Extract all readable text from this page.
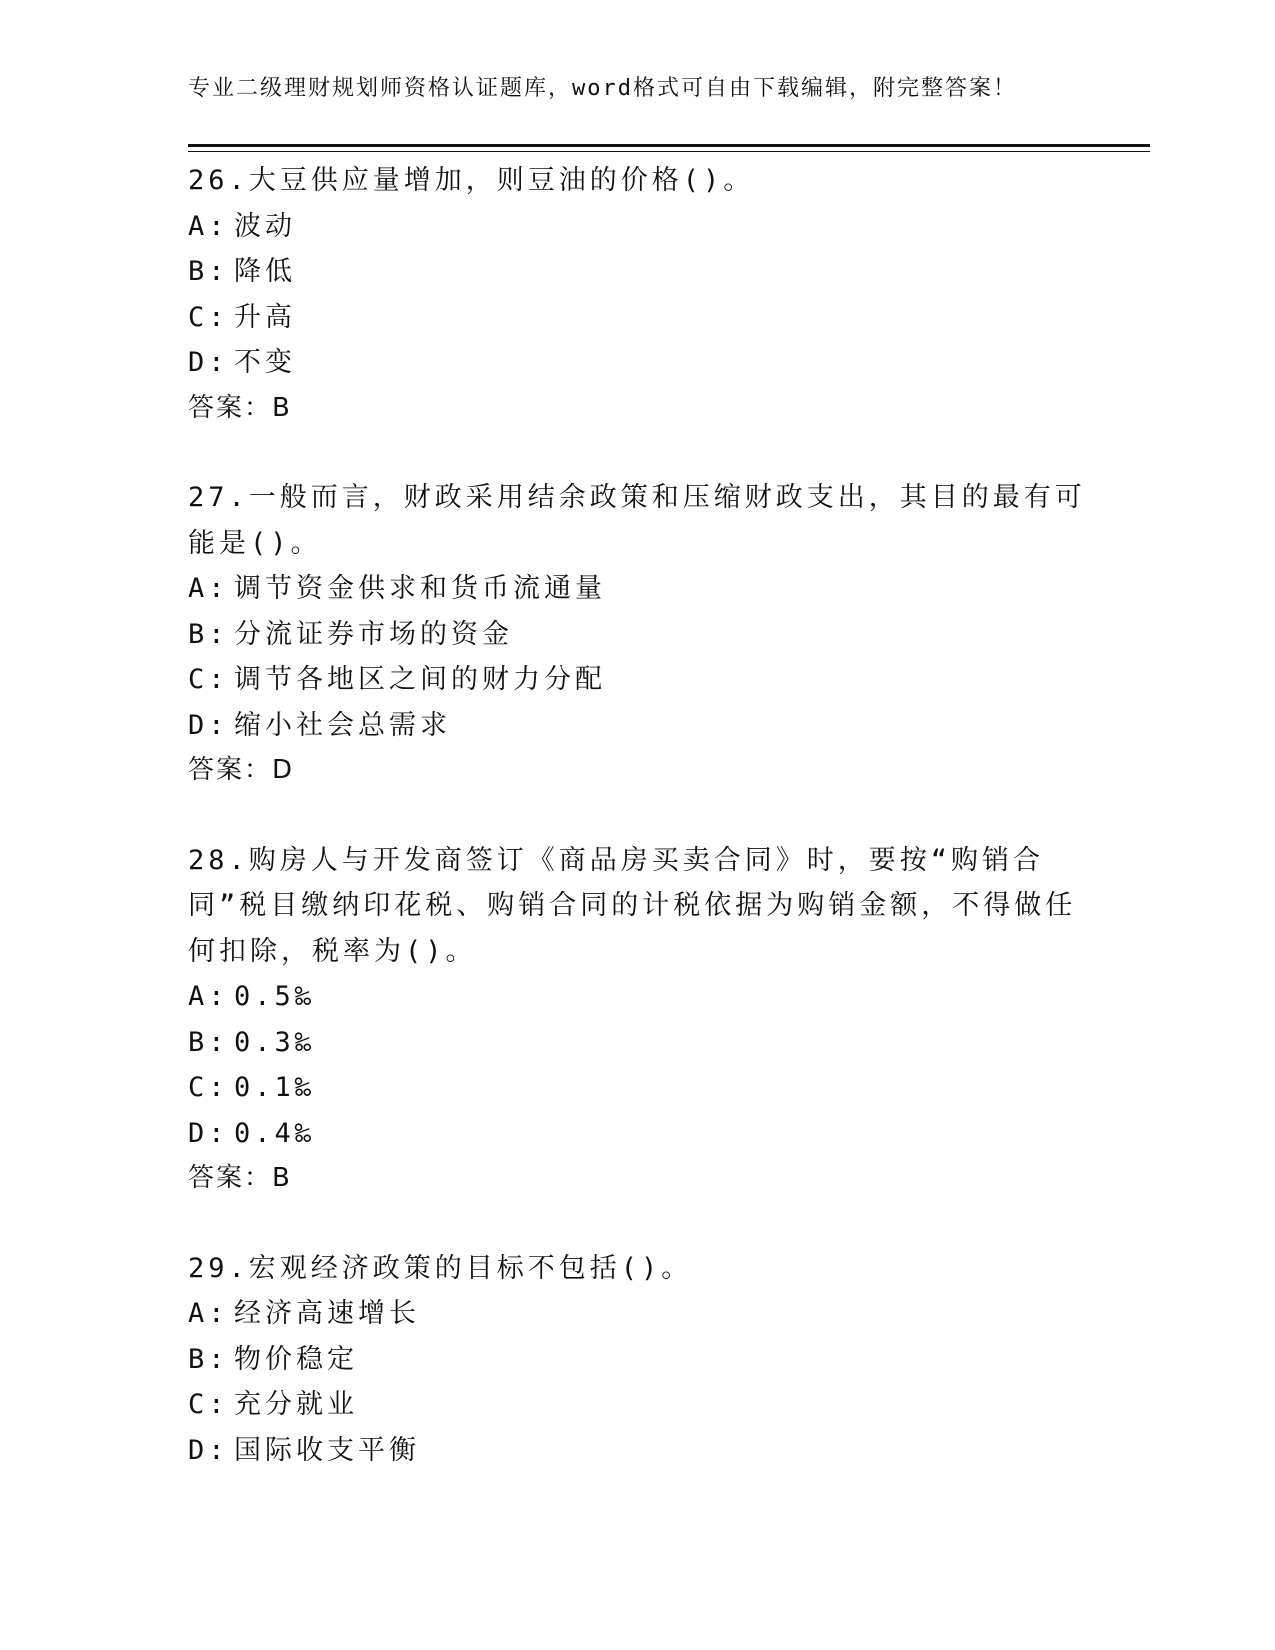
专业二级理财规划师资格认证题库，word格式可自由下载编辑，附完整答案！

26.大豆供应量增加，则豆油的价格()。

A: 波动

B: 降低

C: 升高

D: 不变

答案：B

27.一般而言，财政采用结余政策和压缩财政支出，其目的最有可能是()。

A: 调节资金供求和货币流通量

B: 分流证券市场的资金

C: 调节各地区之间的财力分配

D: 缩小社会总需求

答案：D

28.购房人与开发商签订《商品房买卖合同》时，要按“购销合同”税目缴纳印花税、购销合同的计税依据为购销金额，不得做任何扣除，税率为()。

A: 0.5‰

B: 0.3‰

C: 0.1‰

D: 0.4‰

答案：B

29.宏观经济政策的目标不包括()。

A: 经济高速增长

B: 物价稳定

C: 充分就业

D: 国际收支平衡
